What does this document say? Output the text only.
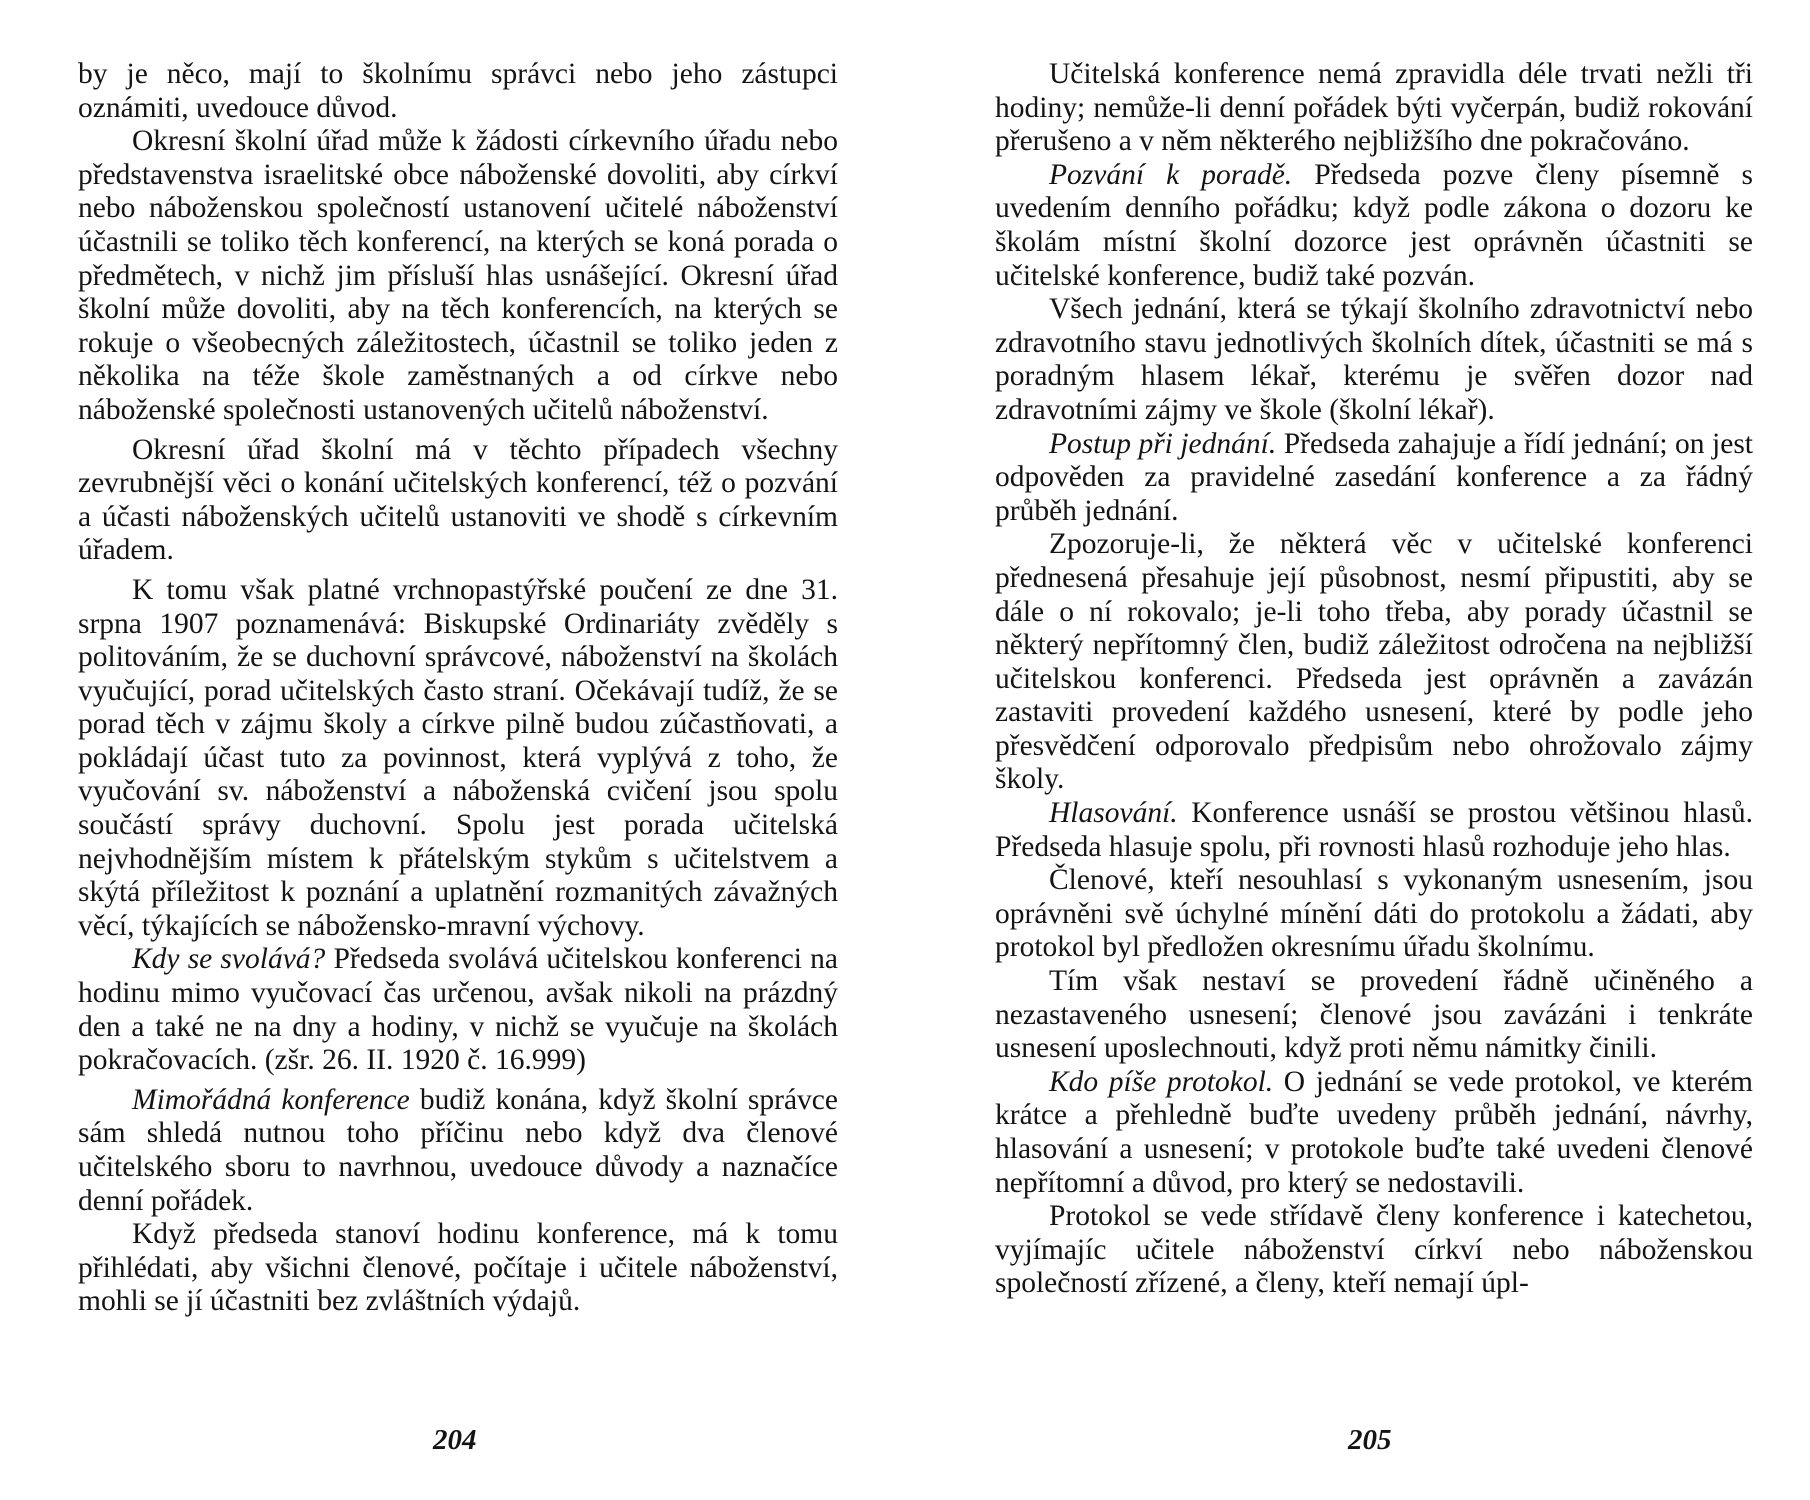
by je něco, mají to školnímu správci nebo jeho zástupci oznámiti, uvedouce důvod.

Okresní školní úřad může k žádosti církevního úřadu nebo představenstva israelitské obce náboženské dovoliti, aby církví nebo náboženskou společností ustanovení učitelé náboženství účastnili se toliko těch konferencí, na kterých se koná porada o předmětech, v nichž jim přísluší hlas usnášející. Okresní úřad školní může dovoliti, aby na těch konferencích, na kterých se rokuje o všeobecných záležitostech, účastnil se toliko jeden z několika na téže škole zaměstnaných a od církve nebo náboženské společnosti ustanovených učitelů náboženství.

Okresní úřad školní má v těchto případech všechny zevrubnější věci o konání učitelských konferencí, též o pozvání a účasti náboženských učitelů ustanoviti ve shodě s církevním úřadem.

K tomu však platné vrchnopastýřské poučení ze dne 31. srpna 1907 poznamenává: Biskupské Ordinariáty zvěděly s politováním, že se duchovní správcové, náboženství na školách vyučující, porad učitelských často straní. Očekávají tudíž, že se porad těch v zájmu školy a církve pilně budou zúčastňovati, a pokládají účast tuto za povinnost, která vyplývá z toho, že vyučování sv. náboženství a náboženská cvičení jsou spolu součástí správy duchovní. Spolu jest porada učitelská nejvhodnějším místem k přátelským stykům s učitelstvem a skýtá příležitost k poznání a uplatnění rozmanitých závažných věcí, týkajících se nábožensko-mravní výchovy.

Kdy se svolává? Předseda svolává učitelskou konferenci na hodinu mimo vyučovací čas určenou, avšak nikoli na prázdný den a také ne na dny a hodiny, v nichž se vyučuje na školách pokračovacích. (zšr. 26. II. 1920 č. 16.999)

Mimořádná konference budiž konána, když školní správce sám shledá nutnou toho příčinu nebo když dva členové učitelského sboru to navrhnou, uvedouce důvody a naznačíce denní pořádek.

Když předseda stanoví hodinu konference, má k tomu přihlédati, aby všichni členové, počítaje i učitele náboženství, mohli se jí účastniti bez zvláštních výdajů.

204

Učitelská konference nemá zpravidla déle trvati nežli tři hodiny; nemůže-li denní pořádek býti vyčerpán, budiž rokování přerušeno a v něm některého nejbližšího dne pokračováno.

Pozvání k poradě. Předseda pozve členy písemně s uvedením denního pořádku; když podle zákona o dozoru ke školám místní školní dozorce jest oprávněn účastniti se učitelské konference, budiž také pozván.

Všech jednání, která se týkají školního zdravotnictví nebo zdravotního stavu jednotlivých školních dítek, účastniti se má s poradným hlasem lékař, kterému je svěřen dozor nad zdravotními zájmy ve škole (školní lékař).

Postup při jednání. Předseda zahajuje a řídí jednání; on jest odpověden za pravidelné zasedání konference a za řádný průběh jednání.

Zpozoruje-li, že některá věc v učitelské konferenci přednesená přesahuje její působnost, nesmí připustiti, aby se dále o ní rokovalo; je-li toho třeba, aby porady účastnil se některý nepřítomný člen, budiž záležitost odročena na nejbližší učitelskou konferenci. Předseda jest oprávněn a zavázán zastaviti provedení každého usnesení, které by podle jeho přesvědčení odporovalo předpisům nebo ohrožovalo zájmy školy.

Hlasování. Konference usnáší se prostou většinou hlasů. Předseda hlasuje spolu, při rovnosti hlasů rozhoduje jeho hlas.

Členové, kteří nesouhlasí s vykonaným usnesením, jsou oprávněni svě úchylné mínění dáti do protokolu a žádati, aby protokol byl předložen okresnímu úřadu školnímu.

Tím však nestaví se provedení řádně učiněného a nezastaveného usnesení; členové jsou zavázáni i tenkráte usnesení uposlechnouti, když proti němu námitky činili.

Kdo píše protokol. O jednání se vede protokol, ve kterém krátce a přehledně buďte uvedeny průběh jednání, návrhy, hlasování a usnesení; v protokole buďte také uvedeni členové nepřítomní a důvod, pro který se nedostavili.

Protokol se vede střídavě členy konference i katechetou, vyjímajíc učitele náboženství církví nebo náboženskou společností zřízené, a členy, kteří nemají úpl-

205
